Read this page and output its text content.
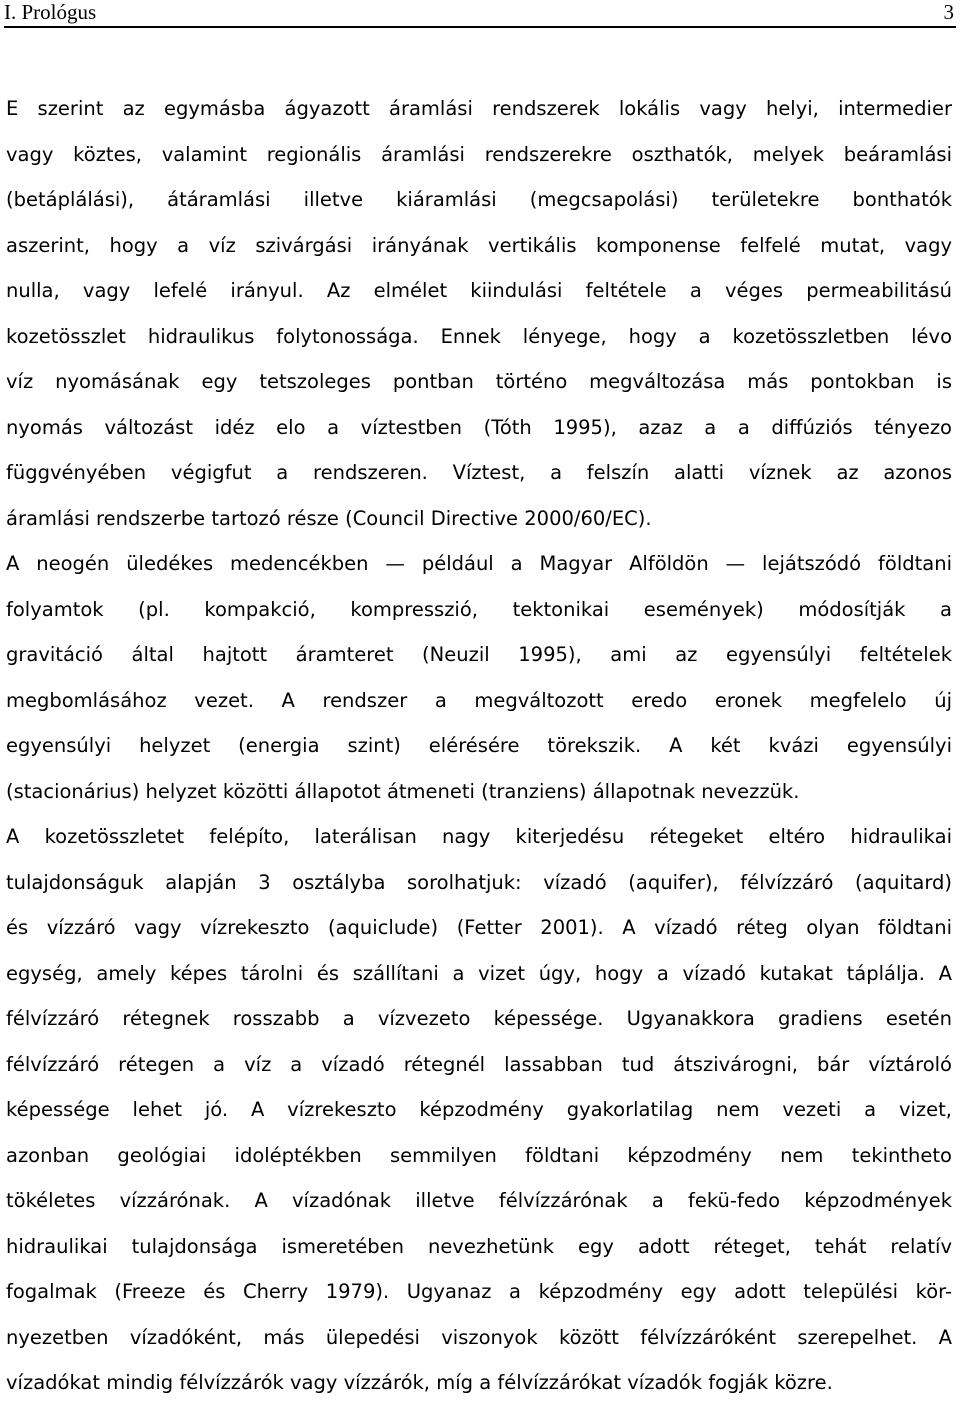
I. Prológus	3
E szerint az egymásba ágyazott áramlási rendszerek lokális vagy helyi, intermedier
vagy köztes, valamint regionális áramlási rendszerekre oszthatók, melyek beáramlási
(betáplálási), átáramlási illetve kiáramlási (megcsapolási) területekre bonthatók
aszerint, hogy a víz szivárgási irányának vertikális komponense felfelé mutat, vagy
nulla, vagy lefelé irányul. Az elmélet kiindulási feltétele a véges permeabilitású
kozetösszlet hidraulikus folytonossága. Ennek lényege, hogy a kozetösszletben lévo
víz nyomásának egy tetszoleges pontban történo megváltozása más pontokban is
nyomás változást idéz elo a víztestben (Tóth 1995), azaz a a diffúziós tényezo
függvényében végigfut a rendszeren. Víztest, a felszín alatti víznek az azonos
áramlási rendszerbe tartozó része (Council Directive 2000/60/EC).
A neogén üledékes medencékben — például a Magyar Alföldön — lejátszódó földtani
folyamtok (pl. kompakció, kompresszió, tektonikai események) módosítják a
gravitáció által hajtott áramteret (Neuzil 1995), ami az egyensúlyi feltételek
megbomlásához vezet. A rendszer a megváltozott eredo eronek megfelelo új
egyensúlyi helyzet (energia szint) elérésére törekszik. A két kvázi egyensúlyi
(stacionárius) helyzet közötti állapotot átmeneti (tranziens) állapotnak nevezzük.
A kozetösszletet felépíto, laterálisan nagy kiterjedésu rétegeket eltéro hidraulikai
tulajdonságuk alapján 3 osztályba sorolhatjuk: vízadó (aquifer), félvízzáró (aquitard)
és vízzáró vagy vízrekeszto (aquiclude) (Fetter 2001). A vízadó réteg olyan földtani
egység, amely képes tárolni és szállítani a vizet úgy, hogy a vízadó kutakat táplálja. A
félvízzáró rétegnek rosszabb a vízvezeto képessége. Ugyanakkora gradiens esetén
félvízzáró rétegen a víz a vízadó rétegnél lassabban tud átszivárogni, bár víztároló
képessége lehet jó. A vízrekeszto képzodmény gyakorlatilag nem vezeti a vizet,
azonban geológiai idoléptékben semmilyen földtani képzodmény nem tekintheto
tökéletes vízzárónak. A vízadónak illetve félvízzárónak a fekü-fedo képzodmények
hidraulikai tulajdonsága ismeretében nevezhetünk egy adott réteget, tehát relatív
fogalmak (Freeze és Cherry 1979). Ugyanaz a képzodmény egy adott települési kör-
nyezetben vízadóként, más ülepedési viszonyok között félvízzáróként szerepelhet. A
vízadókat mindig félvízzárók vagy vízzárók, míg a félvízzárókat vízadók fogják közre.
